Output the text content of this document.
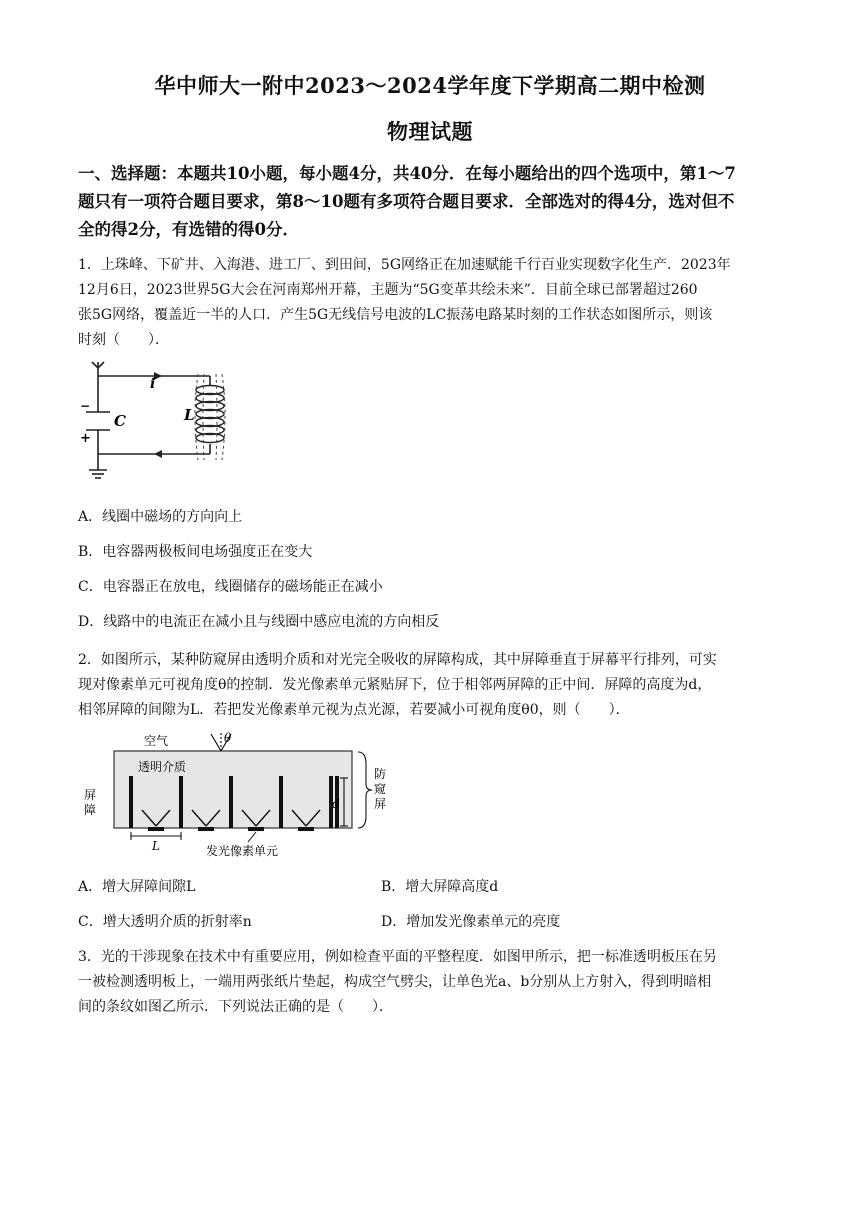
华中师大一附中2023～2024学年度下学期高二期中检测
物理试题
一、选择题：本题共10小题，每小题4分，共40分．在每小题给出的四个选项中，第1～7
题只有一项符合题目要求，第8～10题有多项符合题目要求．全部选对的得4分，选对但不
全的得2分，有选错的得0分．
1．上珠峰、下矿井、入海港、进工厂、到田间，5G网络正在加速赋能千行百业实现数字化生产．2023年
12月6日，2023世界5G大会在河南郑州开幕，主题为“5G变革共绘未来”．目前全球已部署超过260
张5G网络，覆盖近一半的人口．产生5G无线信号电波的LC振荡电路某时刻的工作状态如图所示，则该
时刻（　　）．
i
C	L
−
+
A．线圈中磁场的方向向上
B．电容器两极板间电场强度正在变大
C．电容器正在放电，线圈储存的磁场能正在减小
D．线路中的电流正在减小且与线圈中感应电流的方向相反
2．如图所示，某种防窥屏由透明介质和对光完全吸收的屏障构成，其中屏障垂直于屏幕平行排列，可实
现对像素单元可视角度θ的控制．发光像素单元紧贴屏下，位于相邻两屏障的正中间．屏障的高度为d，
相邻屏障的间隙为L．若把发光像素单元视为点光源，若要减小可视角度θ0，则（　　）．
θ
d
L
空气
透明介质
发光像素单元
屏
障
防
窥
屏
A．增大屏障间隙L	B．增大屏障高度d
C．增大透明介质的折射率n	D．增加发光像素单元的亮度
3．光的干涉现象在技术中有重要应用，例如检查平面的平整程度．如图甲所示，把一标准透明板压在另
一被检测透明板上，一端用两张纸片垫起，构成空气劈尖，让单色光a、b分别从上方射入，得到明暗相
间的条纹如图乙所示．下列说法正确的是（　　）．
